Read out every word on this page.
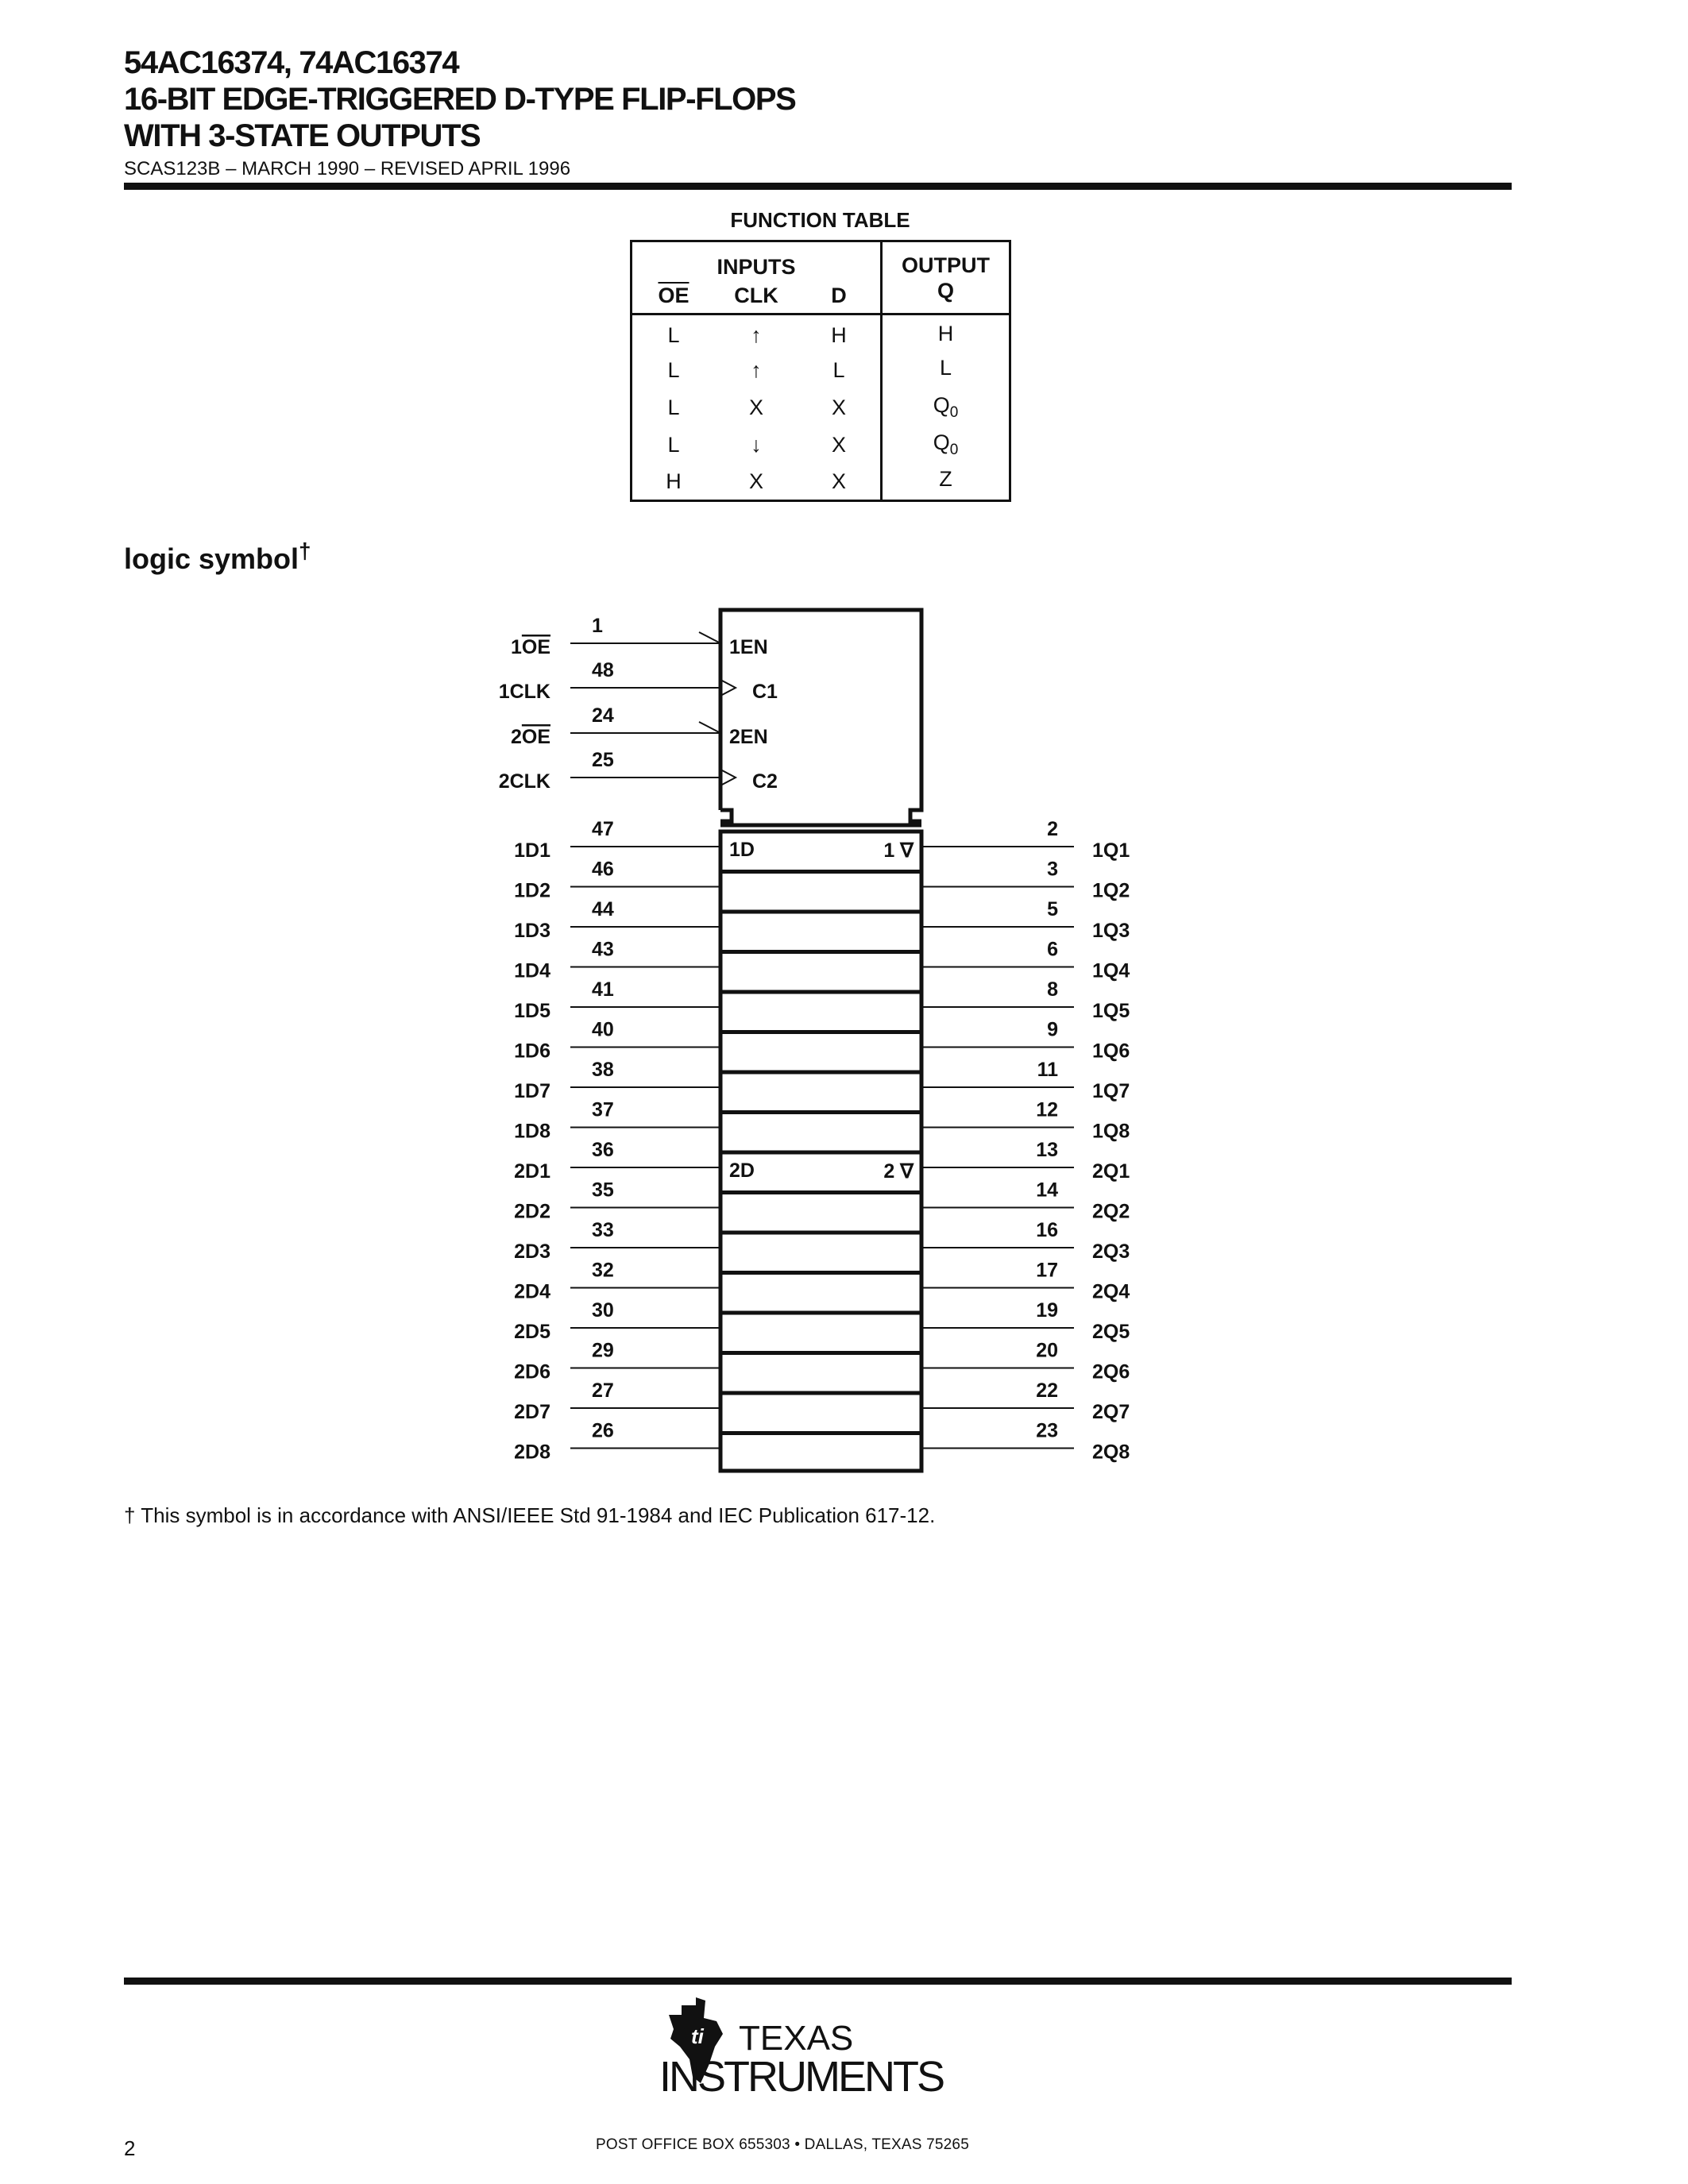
54AC16374, 74AC16374
16-BIT EDGE-TRIGGERED D-TYPE FLIP-FLOPS
WITH 3-STATE OUTPUTS
SCAS123B – MARCH 1990 – REVISED APRIL 1996
FUNCTION TABLE
INPUTS			OUTPUT
Q
$\overline{OE}$	CLK	D	
L	↑	H	H
L	↑	L	L
L	X	X	$Q_0$
L	↓	X	$Q_0$
H	X	X	Z
logic symbol†
1
1OE	1EN
48
1CLK	C1
24
2OE	2EN
25
2CLK	C2
47	2
1D1	1Q1
46	3
1D2	1Q2
44	5
1D3	1Q3
43	6
1D4	1Q4
41	8
1D5	1Q5
40	9
1D6	1Q6
38	11
1D7	1Q7
37	12
1D8	1Q8
36	13
2D1	2Q1
35	14
2D2	2Q2
33	16
2D3	2Q3
32	17
2D4	2Q4
30	19
2D5	2Q5
29	20
2D6	2Q6
27	22
2D7	2Q7
26	23
2D8	2Q8
1D	1 ∇
2D	2 ∇
† This symbol is in accordance with ANSI/IEEE Std 91-1984 and IEC Publication 617-12.
ti TEXAS
INSTRUMENTS
2	POST OFFICE BOX 655303 • DALLAS, TEXAS 75265
